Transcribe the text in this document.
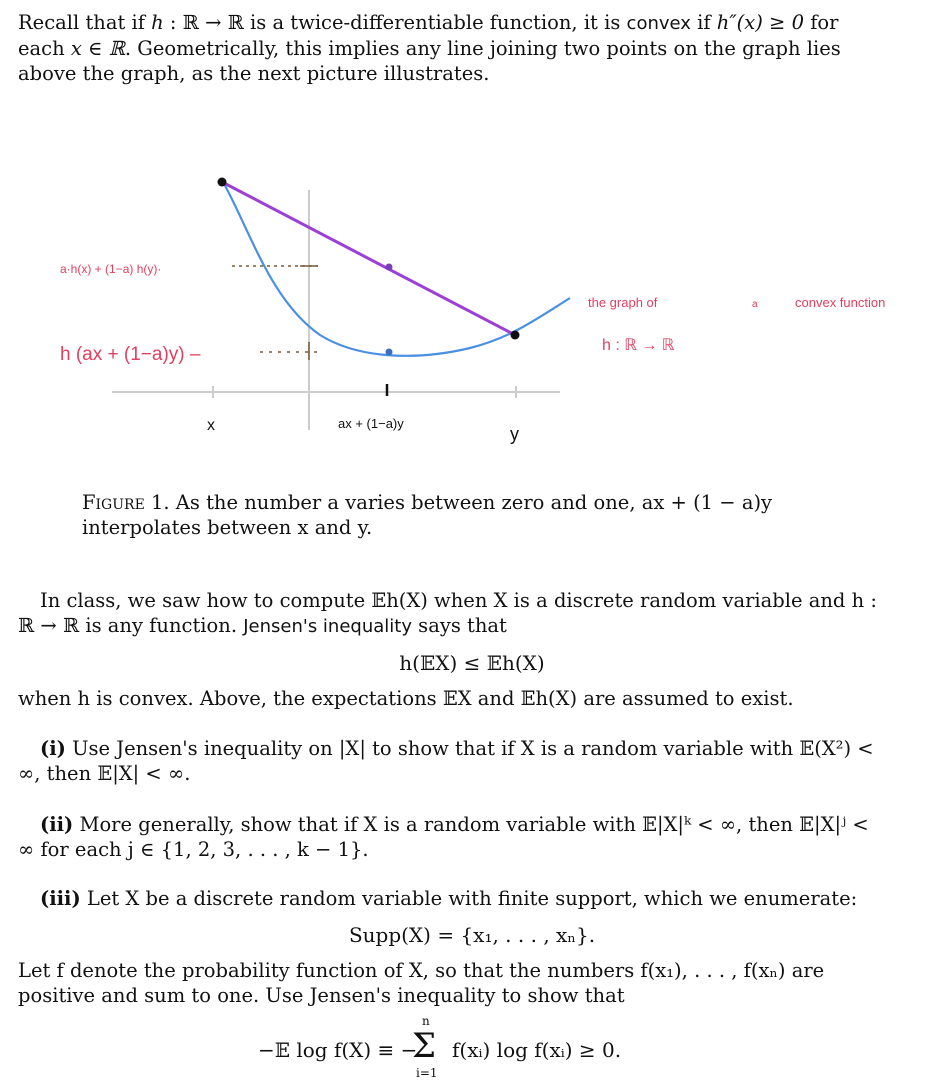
Recall that if h : ℝ → ℝ is a twice-differentiable function, it is convex if h″(x) ≥ 0 for each x ∈ ℝ. Geometrically, this implies any line joining two points on the graph lies above the graph, as the next picture illustrates.

a·h(x) + (1−a) h(y)·
h (ax + (1−a)y) –
the graph of	a	convex function
h : ℝ → ℝ
x	ax + (1−a)y
y
Figure 1. As the number a varies between zero and one, ax + (1 − a)y interpolates between x and y.

In class, we saw how to compute 𝔼h(X) when X is a discrete random variable and h : ℝ → ℝ is any function. Jensen's inequality says that

h(𝔼X) ≤ 𝔼h(X)

when h is convex. Above, the expectations 𝔼X and 𝔼h(X) are assumed to exist.

(i) Use Jensen's inequality on |X| to show that if X is a random variable with 𝔼(X²) < ∞, then 𝔼|X| < ∞.

(ii) More generally, show that if X is a random variable with 𝔼|X|ᵏ < ∞, then 𝔼|X|ʲ < ∞ for each j ∈ {1, 2, 3, . . . , k − 1}.

(iii) Let X be a discrete random variable with finite support, which we enumerate:

Supp(X) = {x₁, . . . , xₙ}.

Let f denote the probability function of X, so that the numbers f(x₁), . . . , f(xₙ) are positive and sum to one. Use Jensen's inequality to show that

−𝔼 log f(X) ≡ −
n
Σ
i=1
f(xᵢ) log f(xᵢ) ≥ 0.
